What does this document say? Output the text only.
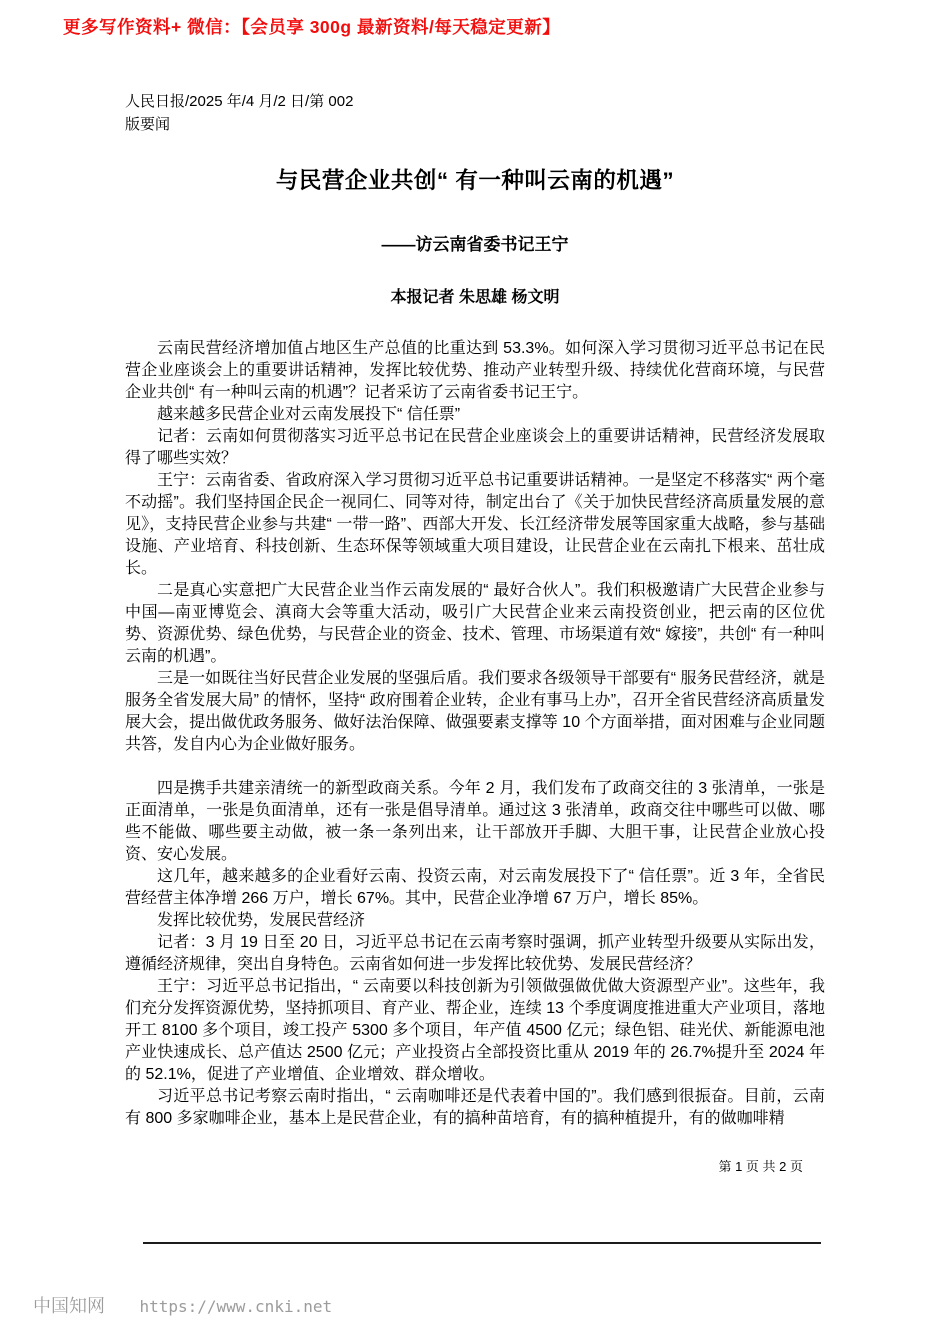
更多写作资料+ 微信：【会员享 300g 最新资料/每天稳定更新】
人民日报/2025 年/4 月/2 日/第 002
版要闻
与民营企业共创“ 有一种叫云南的机遇”
——访云南省委书记王宁
本报记者 朱思雄 杨文明

云南民营经济增加值占地区生产总值的比重达到 53.3%。如何深入学习贯彻习近平总书记在民营企业座谈会上的重要讲话精神，发挥比较优势、推动产业转型升级、持续优化营商环境，与民营企业共创“ 有一种叫云南的机遇”？记者采访了云南省委书记王宁。

越来越多民营企业对云南发展投下“ 信任票”

记者：云南如何贯彻落实习近平总书记在民营企业座谈会上的重要讲话精神，民营经济发展取得了哪些实效？

王宁：云南省委、省政府深入学习贯彻习近平总书记重要讲话精神。一是坚定不移落实“ 两个毫不动摇”。我们坚持国企民企一视同仁、同等对待，制定出台了《关于加快民营经济高质量发展的意见》，支持民营企业参与共建“ 一带一路”、西部大开发、长江经济带发展等国家重大战略，参与基础设施、产业培育、科技创新、生态环保等领域重大项目建设，让民营企业在云南扎下根来、茁壮成长。

二是真心实意把广大民营企业当作云南发展的“ 最好合伙人”。我们积极邀请广大民营企业参与中国—南亚博览会、滇商大会等重大活动，吸引广大民营企业来云南投资创业，把云南的区位优势、资源优势、绿色优势，与民营企业的资金、技术、管理、市场渠道有效“ 嫁接”，共创“ 有一种叫云南的机遇”。

三是一如既往当好民营企业发展的坚强后盾。我们要求各级领导干部要有“ 服务民营经济，就是服务全省发展大局” 的情怀，坚持“ 政府围着企业转，企业有事马上办”，召开全省民营经济高质量发展大会，提出做优政务服务、做好法治保障、做强要素支撑等 10 个方面举措，面对困难与企业同题共答，发自内心为企业做好服务。

四是携手共建亲清统一的新型政商关系。今年 2 月，我们发布了政商交往的 3 张清单，一张是正面清单，一张是负面清单，还有一张是倡导清单。通过这 3 张清单，政商交往中哪些可以做、哪些不能做、哪些要主动做，被一条一条列出来，让干部放开手脚、大胆干事，让民营企业放心投资、安心发展。

这几年，越来越多的企业看好云南、投资云南，对云南发展投下了“ 信任票”。近 3 年，全省民营经营主体净增 266 万户，增长 67%。其中，民营企业净增 67 万户，增长 85%。

发挥比较优势，发展民营经济

记者：3 月 19 日至 20 日，习近平总书记在云南考察时强调，抓产业转型升级要从实际出发，遵循经济规律，突出自身特色。云南省如何进一步发挥比较优势、发展民营经济？

王宁：习近平总书记指出，“ 云南要以科技创新为引领做强做优做大资源型产业”。这些年，我们充分发挥资源优势，坚持抓项目、育产业、帮企业，连续 13 个季度调度推进重大产业项目，落地开工 8100 多个项目，竣工投产 5300 多个项目，年产值 4500 亿元；绿色铝、硅光伏、新能源电池产业快速成长、总产值达 2500 亿元；产业投资占全部投资比重从 2019 年的 26.7%提升至 2024 年的 52.1%，促进了产业增值、企业增效、群众增收。

习近平总书记考察云南时指出，“ 云南咖啡还是代表着中国的”。我们感到很振奋。目前，云南有 800 多家咖啡企业，基本上是民营企业，有的搞种苗培育，有的搞种植提升，有的做咖啡精

第 1 页 共 2 页
中国知网 https://www.cnki.net
